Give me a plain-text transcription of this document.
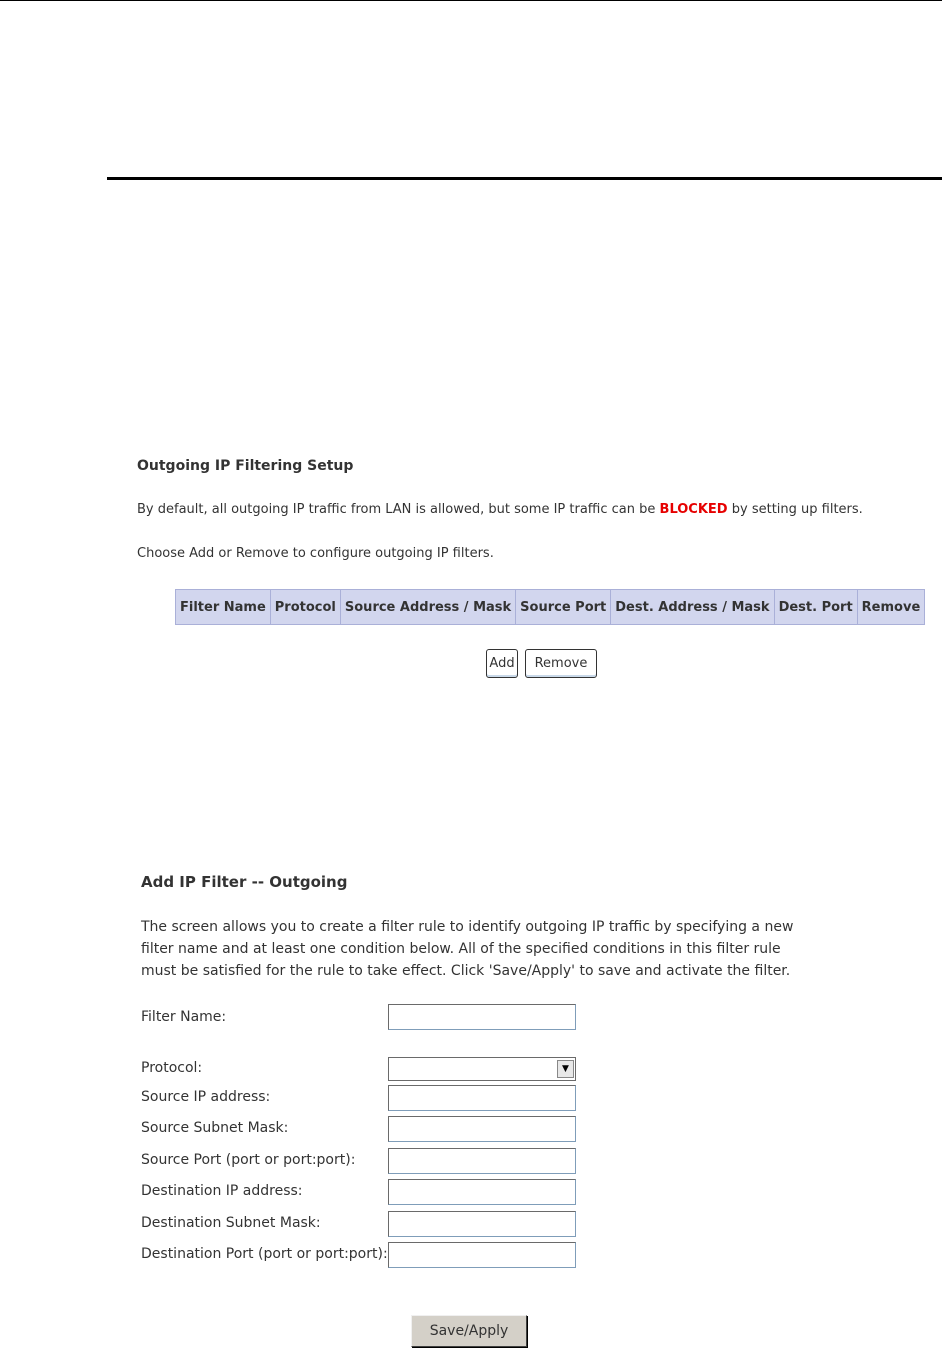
Outgoing IP Filtering Setup
By default, all outgoing IP traffic from LAN is allowed, but some IP traffic can be BLOCKED by setting up filters.
Choose Add or Remove to configure outgoing IP filters.
Filter Name	Protocol	Source Address / Mask	Source Port	Dest. Address / Mask	Dest. Port	Remove
Add	Remove
Add IP Filter -- Outgoing
The screen allows you to create a filter rule to identify outgoing IP traffic by specifying a new
filter name and at least one condition below. All of the specified conditions in this filter rule
must be satisfied for the rule to take effect. Click 'Save/Apply' to save and activate the filter.
Filter Name:
Protocol:	▼
Source IP address:
Source Subnet Mask:
Source Port (port or port:port):
Destination IP address:
Destination Subnet Mask:
Destination Port (port or port:port):
Save/Apply
